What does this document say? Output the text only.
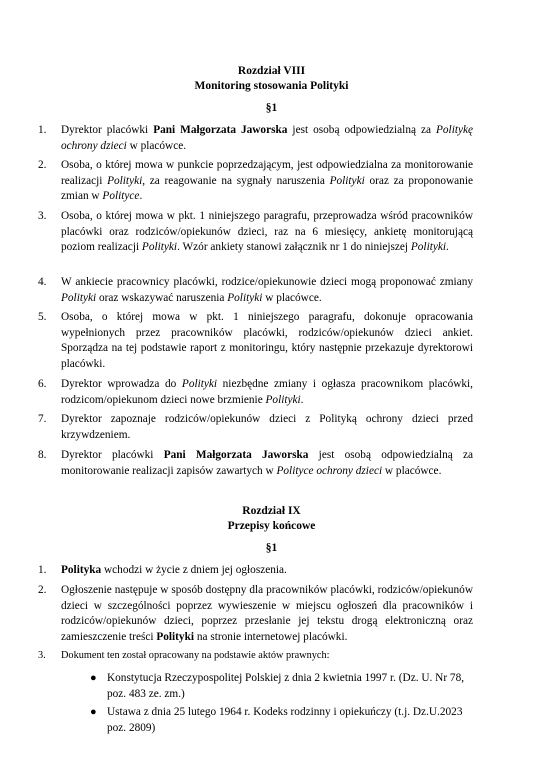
Rozdział VIII
Monitoring stosowania Polityki
§1
1. Dyrektor placówki Pani Małgorzata Jaworska jest osobą odpowiedzialną za Politykę ochrony dzieci w placówce.
2. Osoba, o której mowa w punkcie poprzedzającym, jest odpowiedzialna za monitorowanie realizacji Polityki, za reagowanie na sygnały naruszenia Polityki oraz za proponowanie zmian w Polityce.
3. Osoba, o której mowa w pkt. 1 niniejszego paragrafu, przeprowadza wśród pracowników placówki oraz rodziców/opiekunów dzieci, raz na 6 miesięcy, ankietę monitorującą poziom realizacji Polityki. Wzór ankiety stanowi załącznik nr 1 do niniejszej Polityki.
4. W ankiecie pracownicy placówki, rodzice/opiekunowie dzieci mogą proponować zmiany Polityki oraz wskazywać naruszenia Polityki w placówce.
5. Osoba, o której mowa w pkt. 1 niniejszego paragrafu, dokonuje opracowania wypełnionych przez pracowników placówki, rodziców/opiekunów dzieci ankiet. Sporządza na tej podstawie raport z monitoringu, który następnie przekazuje dyrektorowi placówki.
6. Dyrektor wprowadza do Polityki niezbędne zmiany i ogłasza pracownikom placówki, rodzicom/opiekunom dzieci nowe brzmienie Polityki.
7. Dyrektor zapoznaje rodziców/opiekunów dzieci z Polityką ochrony dzieci przed krzywdzeniem.
8. Dyrektor placówki Pani Małgorzata Jaworska jest osobą odpowiedzialną za monitorowanie realizacji zapisów zawartych w Polityce ochrony dzieci w placówce.
Rozdział IX
Przepisy końcowe
§1
1. Polityka wchodzi w życie z dniem jej ogłoszenia.
2. Ogłoszenie następuje w sposób dostępny dla pracowników placówki, rodziców/opiekunów dzieci w szczególności poprzez wywieszenie w miejscu ogłoszeń dla pracowników i rodziców/opiekunów dzieci, poprzez przesłanie jej tekstu drogą elektroniczną oraz zamieszczenie treści Polityki na stronie internetowej placówki.
3. Dokument ten został opracowany na podstawie aktów prawnych:
● Konstytucja Rzeczypospolitej Polskiej z dnia 2 kwietnia 1997 r. (Dz. U. Nr 78, poz. 483 ze. zm.)
● Ustawa z dnia 25 lutego 1964 r. Kodeks rodzinny i opiekuńczy (t.j. Dz.U.2023 poz. 2809)
